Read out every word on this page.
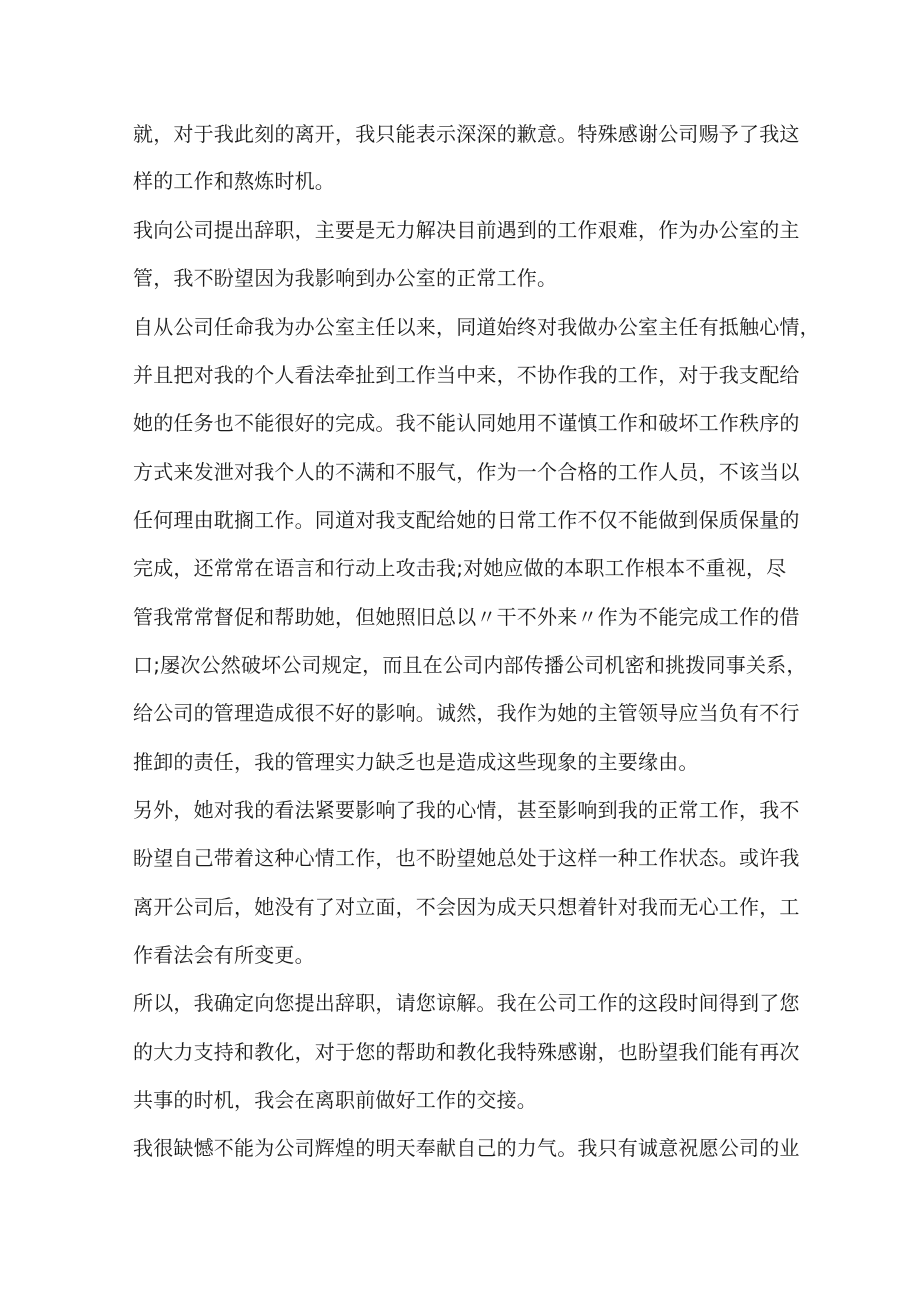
就，对于我此刻的离开，我只能表示深深的歉意。特殊感谢公司赐予了我这
样的工作和熬炼时机。
我向公司提出辞职，主要是无力解决目前遇到的工作艰难，作为办公室的主
管，我不盼望因为我影响到办公室的正常工作。
自从公司任命我为办公室主任以来，同道始终对我做办公室主任有抵触心情，
并且把对我的个人看法牵扯到工作当中来，不协作我的工作，对于我支配给
她的任务也不能很好的完成。我不能认同她用不谨慎工作和破坏工作秩序的
方式来发泄对我个人的不满和不服气，作为一个合格的工作人员，不该当以
任何理由耽搁工作。同道对我支配给她的日常工作不仅不能做到保质保量的
完成，还常常在语言和行动上攻击我;对她应做的本职工作根本不重视，尽
管我常常督促和帮助她，但她照旧总以〃干不外来〃作为不能完成工作的借
口;屡次公然破坏公司规定，而且在公司内部传播公司机密和挑拨同事关系，
给公司的管理造成很不好的影响。诚然，我作为她的主管领导应当负有不行
推卸的责任，我的管理实力缺乏也是造成这些现象的主要缘由。
另外，她对我的看法紧要影响了我的心情，甚至影响到我的正常工作，我不
盼望自己带着这种心情工作，也不盼望她总处于这样一种工作状态。或许我
离开公司后，她没有了对立面，不会因为成天只想着针对我而无心工作，工
作看法会有所变更。
所以，我确定向您提出辞职，请您谅解。我在公司工作的这段时间得到了您
的大力支持和教化，对于您的帮助和教化我特殊感谢，也盼望我们能有再次
共事的时机，我会在离职前做好工作的交接。
我很缺憾不能为公司辉煌的明天奉献自己的力气。我只有诚意祝愿公司的业
